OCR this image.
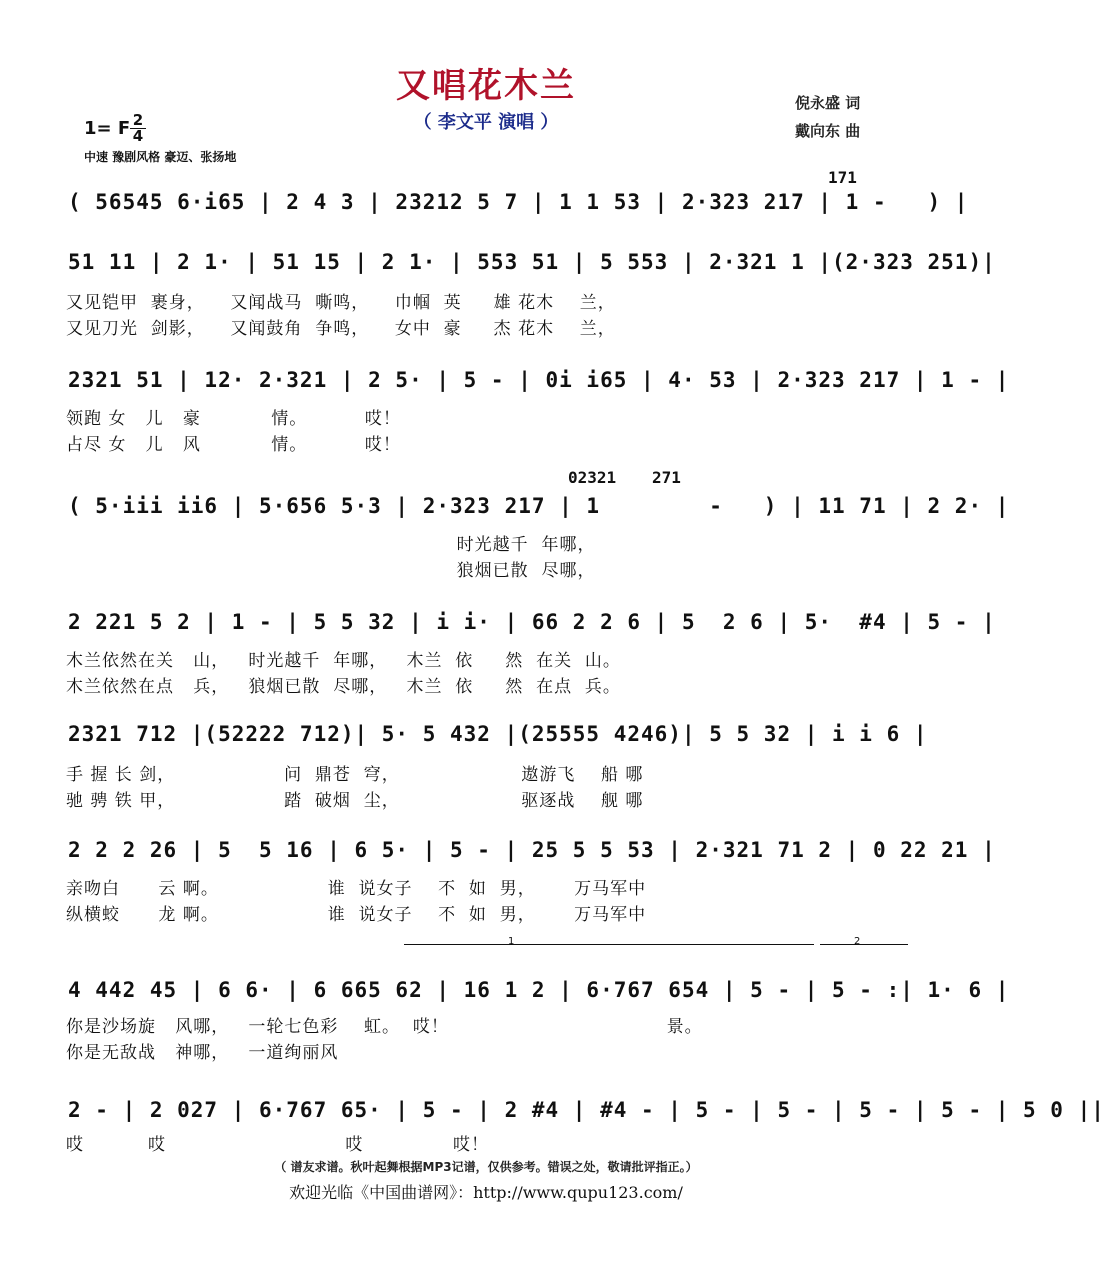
又唱花木兰
（ 李文平 演唱 ）
倪永盛 词
戴向东 曲
1= F 2
4
中速 豫剧风格 豪迈、张扬地
171
( 56545 6·i65 | 2 4 3 | 23212 5 7 | 1 1 53 | 2·323 217 | 1 -   ) |
51 11 | 2 1· | 51 15 | 2 1· | 553 51 | 5 553 | 2·321 1 |(2·323 251)|
又见铠甲  裹身，    又闻战马  嘶鸣，    巾帼  英     雄 花木    兰，
又见刀光  剑影，    又闻鼓角  争鸣，    女中  豪     杰 花木    兰，
2321 51 | 12· 2·321 | 2 5· | 5 - | 0i i65 | 4· 53 | 2·323 217 | 1 - |
领跑 女   儿   豪           情。         哎！
占尽 女   儿   风           情。         哎！
02321 271
( 5·iii ii6 | 5·656 5·3 | 2·323 217 | 1        -   ) | 11 71 | 2 2· |
时光越千  年哪，
狼烟已散  尽哪，
2 221 5 2 | 1 - | 5 5 32 | i i· | 66 2 2 6 | 5  2 6 | 5·  #4 | 5 - |
木兰依然在关   山，   时光越千  年哪，   木兰  依     然  在关  山。
木兰依然在点   兵，   狼烟已散  尽哪，   木兰  依     然  在点  兵。
2321 712 |(52222 712)| 5· 5 432 |(25555 4246)| 5 5 32 | i i 6 |
手 握 长 剑，                 问  鼎苍  穹，                   遨游飞    船 哪
驰 骋 铁 甲，                 踏  破烟  尘，                   驱逐战    舰 哪
2 2 2 26 | 5  5 16 | 6 5· | 5 - | 25 5 5 53 | 2·321 71 2 | 0 22 21 |
亲吻白      云 啊。                 谁  说女子    不  如  男，      万马军中
纵横蛟      龙 啊。                 谁  说女子    不  如  男，      万马军中
1	2
4 442 45 | 6 6· | 6 665 62 | 16 1 2 | 6·767 654 | 5 - | 5 - :| 1· 6 |
你是沙场旋   风哪，   一轮七色彩    虹。  哎！                                  景。
你是无敌战   神哪，   一道绚丽风
2 - | 2 027 | 6·767 65· | 5 - | 2 #4 | #4 - | 5 - | 5 - | 5 - | 5 - | 5 0 ||
哎          哎                            哎              哎！
（ 谱友求谱。秋叶起舞根据MP3记谱，仅供参考。错误之处，敬请批评指正。）
欢迎光临《中国曲谱网》：http://www.qupu123.com/
